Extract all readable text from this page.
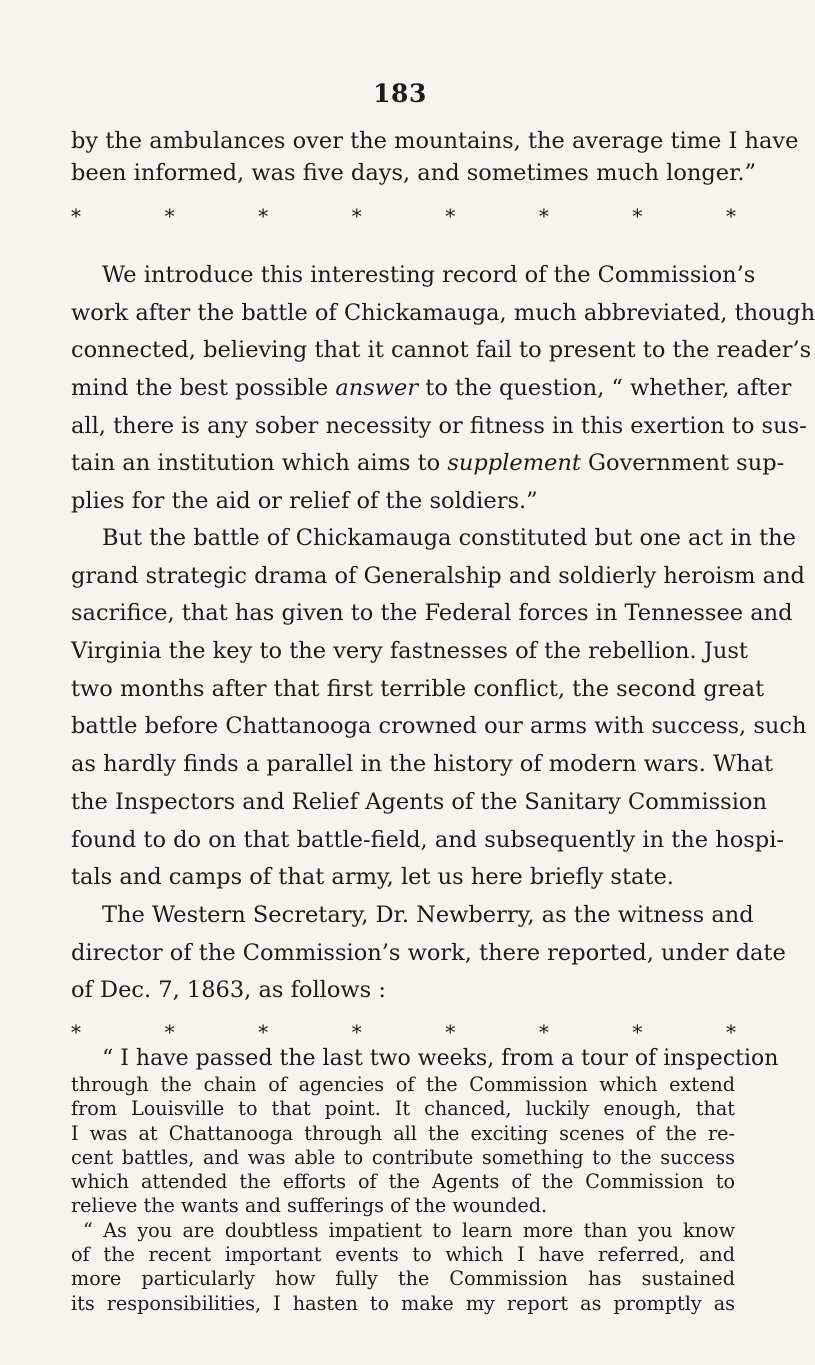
183
by the ambulances over the mountains, the average time I have
been informed, was five days, and sometimes much longer.”
*	*	*	*	*	*	*	*
We introduce this interesting record of the Commission’s
work after the battle of Chickamauga, much abbreviated, though
connected, believing that it cannot fail to present to the reader’s
mind the best possible answer to the question, “ whether, after
all, there is any sober necessity or fitness in this exertion to sus-
tain an institution which aims to supplement Government sup-
plies for the aid or relief of the soldiers.”
But the battle of Chickamauga constituted but one act in the
grand strategic drama of Generalship and soldierly heroism and
sacrifice, that has given to the Federal forces in Tennessee and
Virginia the key to the very fastnesses of the rebellion. Just
two months after that first terrible conflict, the second great
battle before Chattanooga crowned our arms with success, such
as hardly finds a parallel in the history of modern wars. What
the Inspectors and Relief Agents of the Sanitary Commission
found to do on that battle-field, and subsequently in the hospi-
tals and camps of that army, let us here briefly state.
The Western Secretary, Dr. Newberry, as the witness and
director of the Commission’s work, there reported, under date
of Dec. 7, 1863, as follows :
*	*	*	*	*	*	*	*
“ I have passed the last two weeks, from a tour of inspection
through the chain of agencies of the Commission which extend
from Louisville to that point. It chanced, luckily enough, that
I was at Chattanooga through all the exciting scenes of the re-
cent battles, and was able to contribute something to the success
which attended the efforts of the Agents of the Commission to
relieve the wants and sufferings of the wounded.
“ As you are doubtless impatient to learn more than you know
of the recent important events to which I have referred, and
more particularly how fully the Commission has sustained
its responsibilities, I hasten to make my report as promptly as
